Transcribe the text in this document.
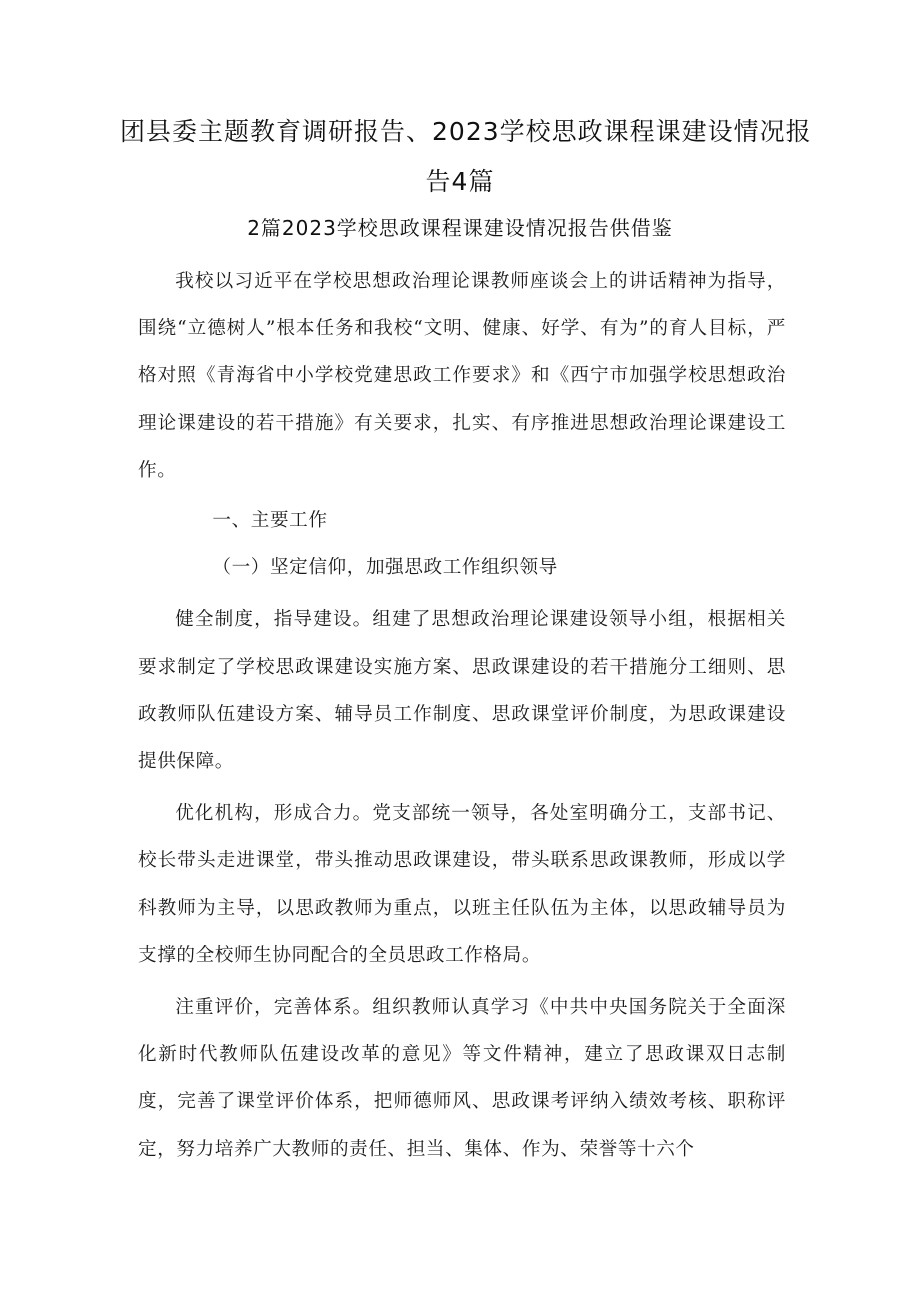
团县委主题教育调研报告、2023学校思政课程课建设情况报
告4篇
2篇2023学校思政课程课建设情况报告供借鉴

我校以习近平在学校思想政治理论课教师座谈会上的讲话精神为指导，围绕“立德树人”根本任务和我校“文明、健康、好学、有为”的育人目标，严格对照《青海省中小学校党建思政工作要求》和《西宁市加强学校思想政治理论课建设的若干措施》有关要求，扎实、有序推进思想政治理论课建设工作。

一、主要工作

（一）坚定信仰，加强思政工作组织领导

健全制度，指导建设。组建了思想政治理论课建设领导小组，根据相关要求制定了学校思政课建设实施方案、思政课建设的若干措施分工细则、思政教师队伍建设方案、辅导员工作制度、思政课堂评价制度，为思政课建设提供保障。

优化机构，形成合力。党支部统一领导，各处室明确分工，支部书记、校长带头走进课堂，带头推动思政课建设，带头联系思政课教师，形成以学科教师为主导，以思政教师为重点，以班主任队伍为主体，以思政辅导员为支撑的全校师生协同配合的全员思政工作格局。

注重评价，完善体系。组织教师认真学习《中共中央国务院关于全面深化新时代教师队伍建设改革的意见》等文件精神，建立了思政课双日志制度，完善了课堂评价体系，把师德师风、思政课考评纳入绩效考核、职称评定，努力培养广大教师的责任、担当、集体、作为、荣誉等十六个
